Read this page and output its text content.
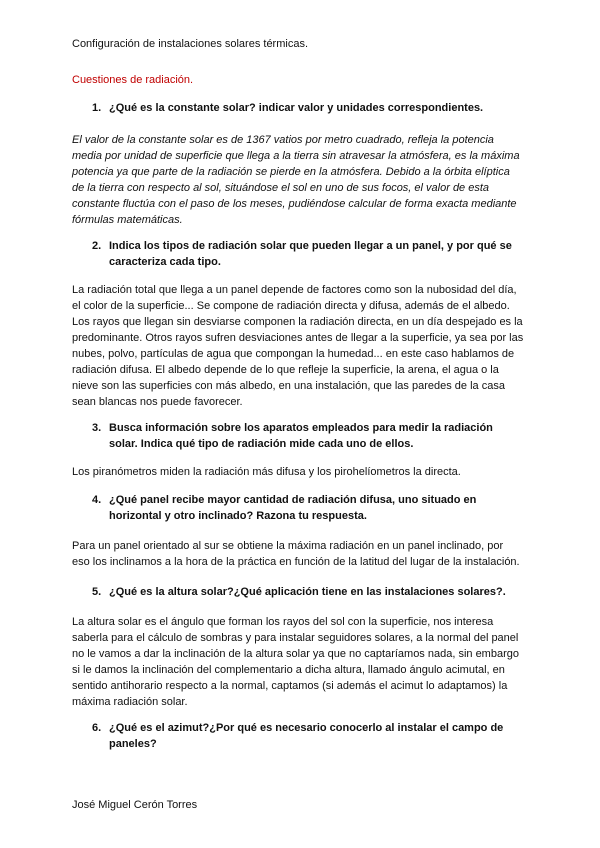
Configuración de instalaciones solares térmicas.
Cuestiones de radiación.
1. ¿Qué es la constante solar? indicar valor y unidades correspondientes.
El valor de la constante solar es de 1367 vatios por metro cuadrado, refleja la potencia
media por unidad de superficie que llega a la tierra sin atravesar la atmósfera, es la máxima
potencia ya que parte de la radiación se pierde en la atmósfera. Debido a la órbita elíptica
de la tierra con respecto al sol, situándose el sol en uno de sus focos, el valor de esta
constante fluctúa con el paso de los meses, pudiéndose calcular de forma exacta mediante
fórmulas matemáticas.
2. Indica los tipos de radiación solar que pueden llegar a un panel, y por qué se
caracteriza cada tipo.
La radiación total que llega a un panel depende de factores como son la nubosidad del día,
el color de la superficie... Se compone de radiación directa y difusa, además de el albedo.
Los rayos que llegan sin desviarse componen la radiación directa, en un día despejado es la
predominante. Otros rayos sufren desviaciones antes de llegar a la superficie, ya sea por las
nubes, polvo, partículas de agua que compongan la humedad... en este caso hablamos de
radiación difusa. El albedo depende de lo que refleje la superficie, la arena, el agua o la
nieve son las superficies con más albedo, en una instalación, que las paredes de la casa
sean blancas nos puede favorecer.
3. Busca información sobre los aparatos empleados para medir la radiación
solar. Indica qué tipo de radiación mide cada uno de ellos.
Los piranómetros miden la radiación más difusa y los pirohelíometros la directa.
4. ¿Qué panel recibe mayor cantidad de radiación difusa, uno situado en
horizontal y otro inclinado? Razona tu respuesta.
Para un panel orientado al sur se obtiene la máxima radiación en un panel inclinado, por
eso los inclinamos a la hora de la práctica en función de la latitud del lugar de la instalación.
5. ¿Qué es la altura solar?¿Qué aplicación tiene en las instalaciones solares?.
La altura solar es el ángulo que forman los rayos del sol con la superficie, nos interesa
saberla para el cálculo de sombras y para instalar seguidores solares, a la normal del panel
no le vamos a dar la inclinación de la altura solar ya que no captaríamos nada, sin embargo
si le damos la inclinación del complementario a dicha altura, llamado ángulo acimutal, en
sentido antihorario respecto a la normal, captamos (si además el acimut lo adaptamos) la
máxima radiación solar.
6. ¿Qué es el azimut?¿Por qué es necesario conocerlo al instalar el campo de
paneles?
José Miguel Cerón Torres
